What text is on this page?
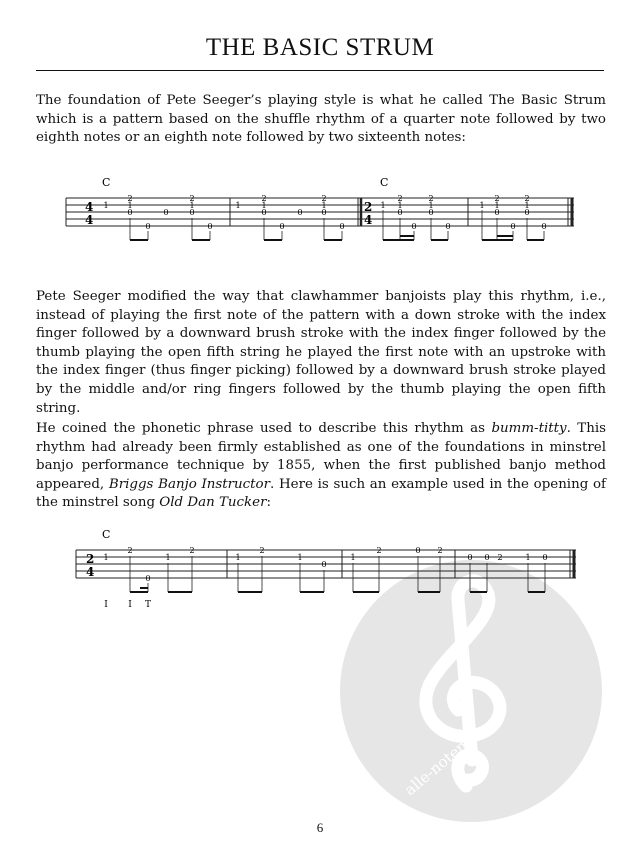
THE BASIC STRUM

The foundation of Pete Seeger’s playing style is what he called The Basic Strum which is a pattern based on the shuffle rhythm of a quarter note followed by two eighth notes or an eighth note followed by two sixteenth notes:

C	C
4
4
2
4
1
2
1
0
0
0
2
1
0
0
1
2
1
0
0
0
2
1
0
0
1
2
1
0
0
2
1
0
0
1
2
1
0
0
2
1
0
0

Pete Seeger modified the way that clawhammer banjoists play this rhythm, i.e., instead of playing the first note of the pattern with a down stroke with the index finger followed by a downward brush stroke with the index finger followed by the thumb playing the open fifth string he played the first note with an upstroke with the index finger (thus finger picking) followed by a downward brush stroke played by the middle and/or ring fingers followed by the thumb playing the open fifth string.

He coined the phonetic phrase used to describe this rhythm as bumm-titty. This rhythm had already been firmly established as one of the foundations in minstrel banjo performance technique by 1855, when the first published banjo method appeared, Briggs Banjo Instructor. Here is such an example used in the opening of the minstrel song Old Dan Tucker:

alle-noten.de
C
2
4
1
2
0
1
2
1
2
1
0
1
2	0 2
0 0 2	1 0
I I T
6
